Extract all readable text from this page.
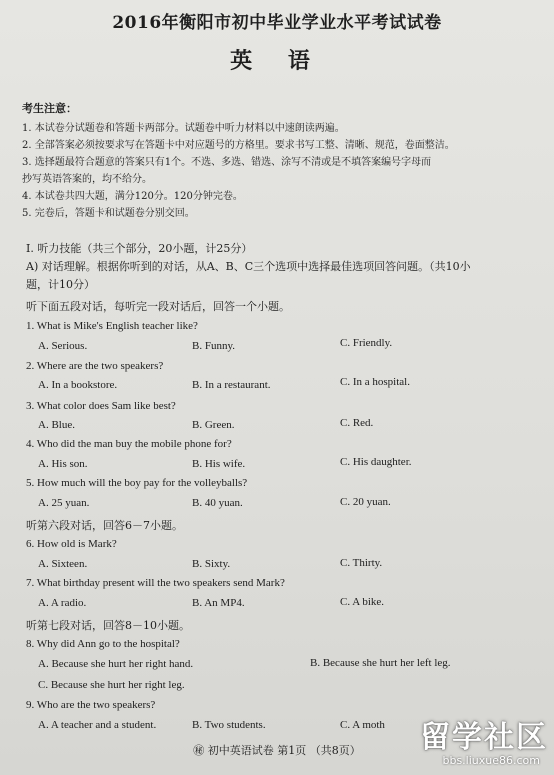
2016年衡阳市初中毕业学业水平考试试卷
英 语
考生注意：
1. 本试卷分试题卷和答题卡两部分。试题卷中听力材料以中速朗读两遍。
2. 全部答案必须按要求写在答题卡中对应题号的方格里。要求书写工整、清晰、规范，卷面整洁。
3. 选择题最符合题意的答案只有1个。不选、多选、错选、涂写不清或是不填答案编号字母而
抄写英语答案的，均不给分。
4. 本试卷共四大题，满分120分。120分钟完卷。
5. 完卷后，答题卡和试题卷分别交回。
Ⅰ. 听力技能（共三个部分，20小题，计25分）
A) 对话理解。根据你听到的对话，从A、B、C三个选项中选择最佳选项回答问题。（共10小
题，计10分）
听下面五段对话，每听完一段对话后，回答一个小题。
1. What is Mike's English teacher like?
A. Serious.	B. Funny.	C. Friendly.
2. Where are the two speakers?
A. In a bookstore.	B. In a restaurant.	C. In a hospital.
3. What color does Sam like best?
A. Blue.	B. Green.	C. Red.
4. Who did the man buy the mobile phone for?
A. His son.	B. His wife.	C. His daughter.
5. How much will the boy pay for the volleyballs?
A. 25 yuan.	B. 40 yuan.	C. 20 yuan.
听第六段对话，回答6－7小题。
6. How old is Mark?
A. Sixteen.	B. Sixty.	C. Thirty.
7. What birthday present will the two speakers send Mark?
A. A radio.	B. An MP4.	C. A bike.
听第七段对话，回答8－10小题。
8. Why did Ann go to the hospital?
A. Because she hurt her right hand.	B. Because she hurt her left leg.
C. Because she hurt her right leg.
9. Who are the two speakers?
A. A teacher and a student.	B. Two students.	C. A moth
㊙ 初中英语试卷 第1页 （共8页）	留学社区
bbs.liuxue86.com
